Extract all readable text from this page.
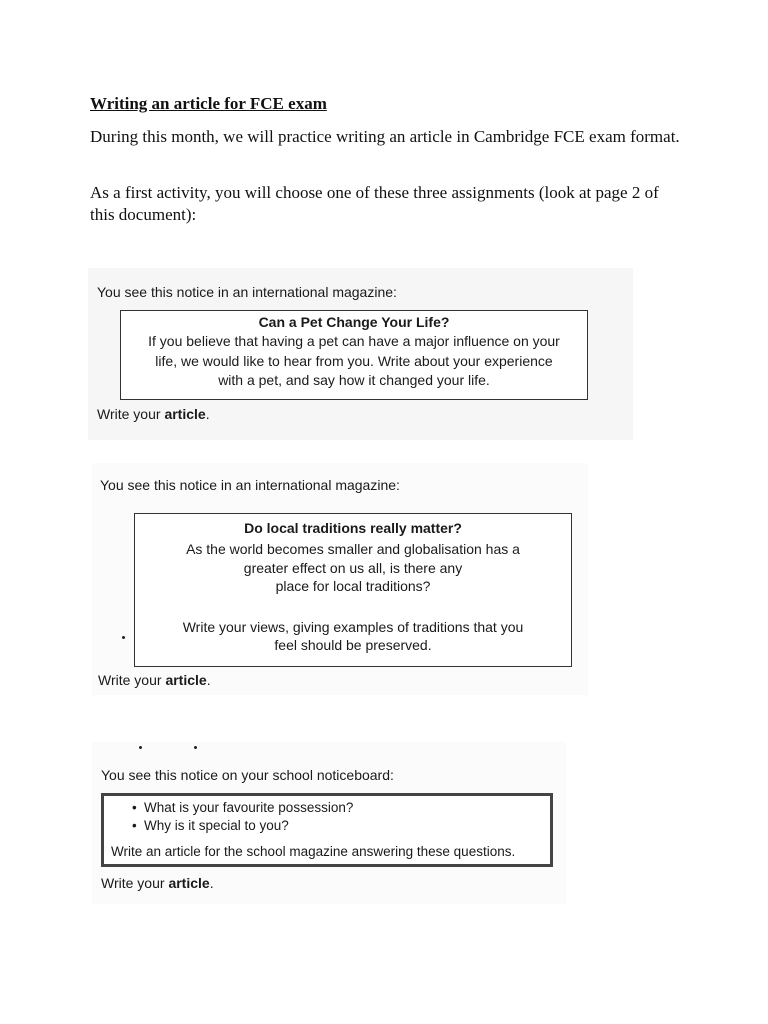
Writing an article for FCE exam
During this month, we will practice writing an article in Cambridge FCE exam format.
As a first activity, you will choose one of these three assignments (look at page 2 of this document):
You see this notice in an international magazine:
Can a Pet Change Your Life?
If you believe that having a pet can have a major influence on your
life, we would like to hear from you. Write about your experience
with a pet, and say how it changed your life.
Write your article.
You see this notice in an international magazine:
Do local traditions really matter?
As the world becomes smaller and globalisation has a
greater effect on us all, is there any
place for local traditions?
Write your views, giving examples of traditions that you
feel should be preserved.
Write your article.
You see this notice on your school noticeboard:
• What is your favourite possession?
• Why is it special to you?
Write an article for the school magazine answering these questions.
Write your article.
